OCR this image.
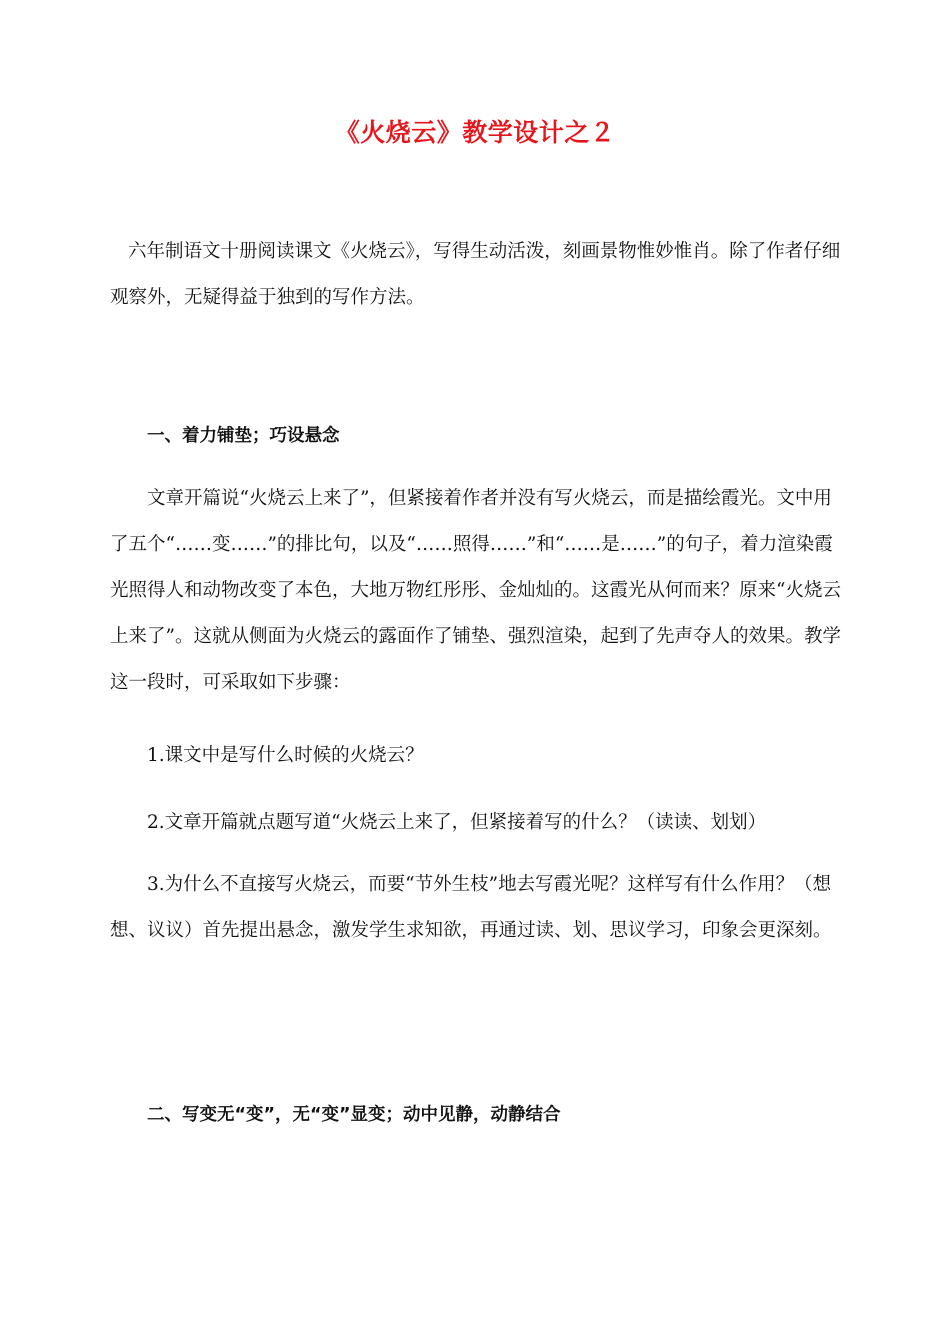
《火烧云》教学设计之２

六年制语文十册阅读课文《火烧云》，写得生动活泼，刻画景物惟妙惟肖。除了作者仔细观察外，无疑得益于独到的写作方法。

一、着力铺垫；巧设悬念

文章开篇说“火烧云上来了”，但紧接着作者并没有写火烧云，而是描绘霞光。文中用了五个“……变……”的排比句，以及“……照得……”和“……是……”的句子，着力渲染霞光照得人和动物改变了本色，大地万物红彤彤、金灿灿的。这霞光从何而来？原来“火烧云上来了”。这就从侧面为火烧云的露面作了铺垫、强烈渲染，起到了先声夺人的效果。教学这一段时，可采取如下步骤：

1.课文中是写什么时候的火烧云？

2.文章开篇就点题写道“火烧云上来了，但紧接着写的什么？（读读、划划）

3.为什么不直接写火烧云，而要“节外生枝”地去写霞光呢？这样写有什么作用？（想想、议议）首先提出悬念，激发学生求知欲，再通过读、划、思议学习，印象会更深刻。

二、写变无“变”，无“变”显变；动中见静，动静结合
